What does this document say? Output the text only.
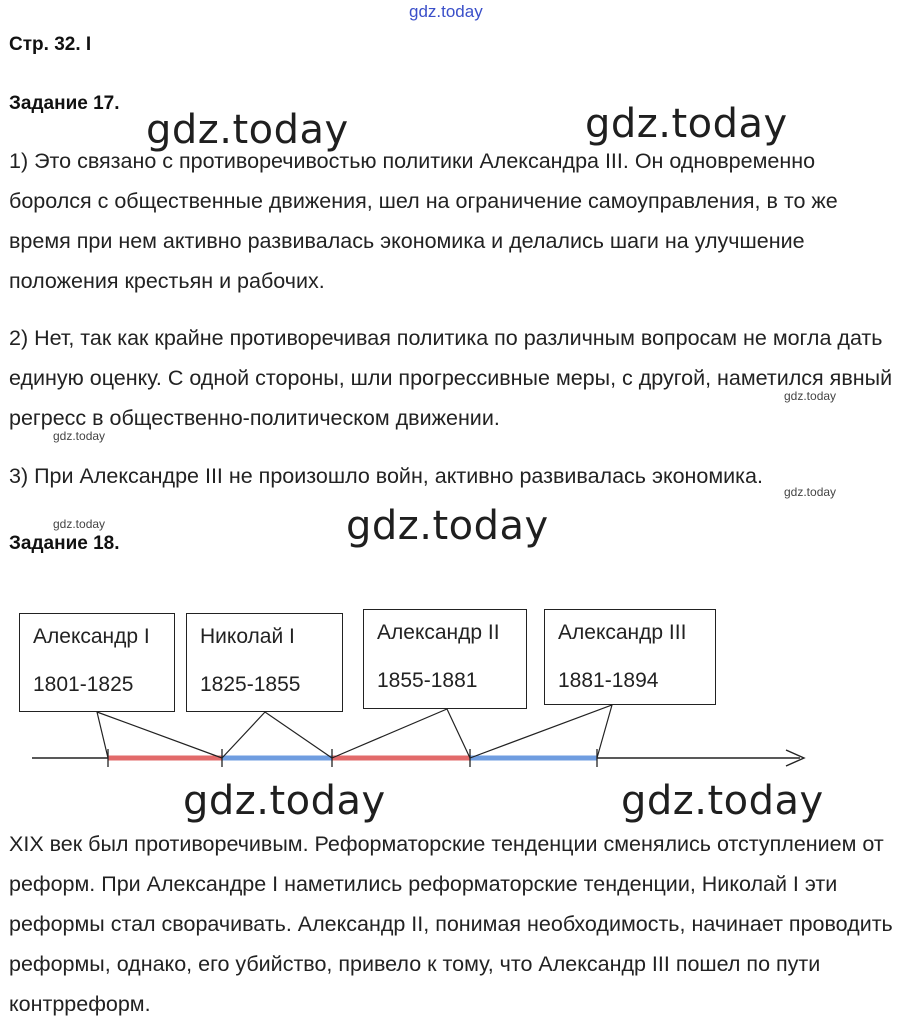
gdz.today
gdz.today	gdz.today
gdz.today
gdz.today	gdz.today
gdz.today
gdz.today
gdz.today
gdz.today
Стр. 32. I
Задание 17.

1) Это связано с противоречивостью политики Александра III. Он одновременно боролся с общественные движения, шел на ограничение самоуправления, в то же время при нем активно развивалась экономика и делались шаги на улучшение положения крестьян и рабочих.

2) Нет, так как крайне противоречивая политика по различным вопросам не могла дать единую оценку. С одной стороны, шли прогрессивные меры, с другой, наметился явный регресс в общественно-политическом движении.

3) При Александре III не произошло войн, активно развивалась экономика.

Задание 18.
Александр I
1801-1825
Николай I
1825-1855
Александр II
1855-1881
Александр III
1881-1894

XIX век был противоречивым. Реформаторские тенденции сменялись отступлением от реформ. При Александре I наметились реформаторские тенденции, Николай I эти реформы стал сворачивать. Александр II, понимая необходимость, начинает проводить реформы, однако, его убийство, привело к тому, что Александр III пошел по пути контрреформ.
